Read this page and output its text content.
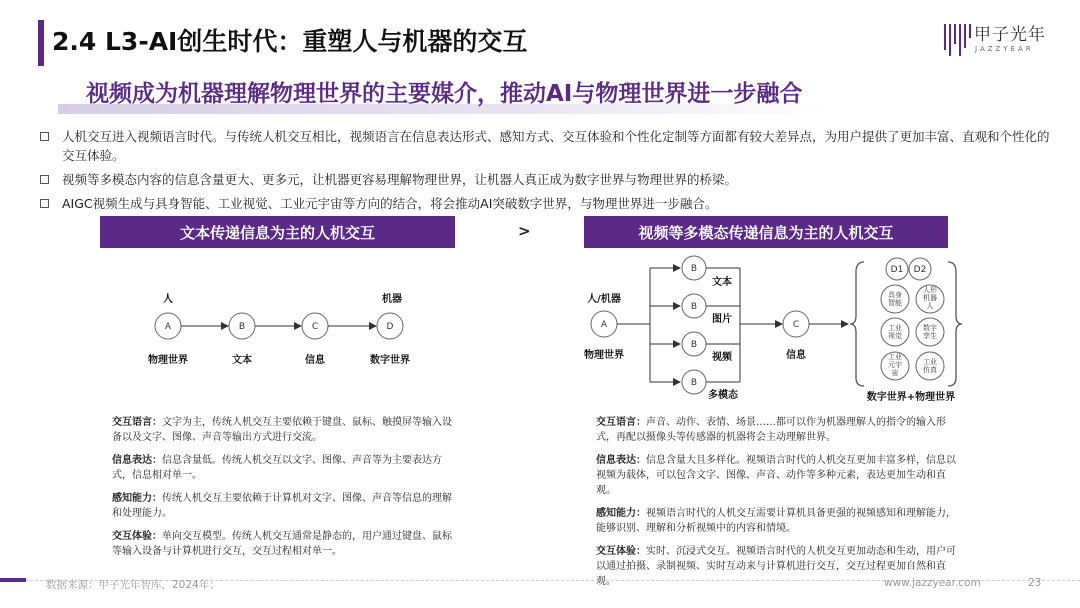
2.4 L3-AI创生时代：重塑人与机器的交互	甲子光年
JAZZYEAR
视频成为机器理解物理世界的主要媒介，推动AI与物理世界进一步融合
人机交互进入视频语言时代。与传统人机交互相比，视频语言在信息表达形式、感知方式、交互体验和个性化定制等方面都有较大差异点，为用户提供了更加丰富、直观和个性化的交互体验。
视频等多模态内容的信息含量更大、更多元，让机器更容易理解物理世界，让机器人真正成为数字世界与物理世界的桥梁。
AIGC视频生成与具身智能、工业视觉、工业元宇宙等方向的结合，将会推动AI突破数字世界，与物理世界进一步融合。
文本传递信息为主的人机交互	>	视频等多模态传递信息为主的人机交互
人	机器
A	B	C	D
物理世界	文本	信息	数字世界
人/机器
A
物理世界
B
B
B
B
文本
图片
视频
多模态
C
信息
D1 D2
具身
智能
人形
机器
人
工业
视觉
数字
孪生
工业
元宇
宙
工业
仿真
数字世界+物理世界

交互语言：文字为主，传统人机交互主要依赖于键盘、鼠标、触摸屏等输入设备以及文字、图像、声音等输出方式进行交流。

信息表达：信息含量低。传统人机交互以文字、图像、声音等为主要表达方式，信息相对单一。

感知能力：传统人机交互主要依赖于计算机对文字、图像、声音等信息的理解和处理能力。

交互体验：单向交互模型。传统人机交互通常是静态的，用户通过键盘、鼠标等输入设备与计算机进行交互，交互过程相对单一。

交互语言：声音、动作、表情、场景……都可以作为机器理解人的指令的输入形式，再配以摄像头等传感器的机器将会主动理解世界。

信息表达：信息含量大且多样化。视频语言时代的人机交互更加丰富多样，信息以视频为载体，可以包含文字、图像、声音、动作等多种元素，表达更加生动和直观。

感知能力：视频语言时代的人机交互需要计算机具备更强的视频感知和理解能力，能够识别、理解和分析视频中的内容和情境。

交互体验：实时、沉浸式交互。视频语言时代的人机交互更加动态和生动，用户可以通过拍摄、录制视频、实时互动来与计算机进行交互，交互过程更加自然和直观。

数据来源：甲子光年智库，2024年；	www.jazzyear.com	23
